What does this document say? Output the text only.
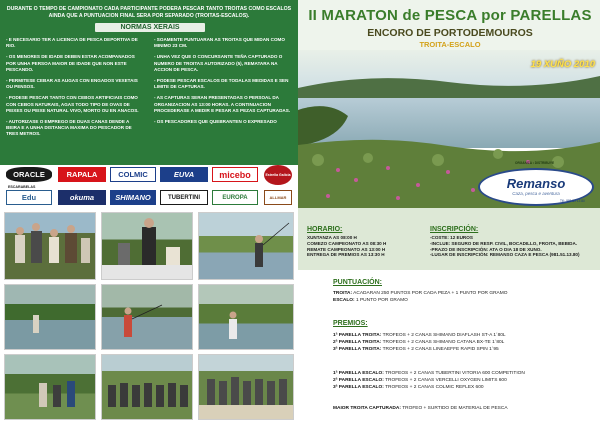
DURANTE O TEMPO DE CAMPIONATO CADA PARTICIPANTE PODERA PESCAR TANTO TROITAS COMO ESCALOS AINDA QUE A PUNTUACION FINAL SERA POR SEPARADO (TROITAS-ESCALOS).
NORMAS XERAIS

- E NECESARIO TER A LICENCIA DE PESCA DEPORTIVA DE RIO.

- OS MENORES DE IDADE DEBEN ESTAR ACOMPANADOS POR UNHA PERSOA MAIOR DE IDADE QUE NON ESTE PESCANDO.

- PERMITESE CEBAR AS AUGAS CON ENGADOS VEXETAIS OU PENSOS.

- PODESE PESCAR TANTO CON CEBOS ARTIFICIAIS COMO CON CEBOS NATURAIS, AGAS TODO TIPO DE OVAS DE PEIXES OU PEIXE NATURAL VIVO, MORTO OU EN ANACOS.

- AUTORIZASE O EMPREGO DE DUAS CANAS DENDE A BEIRA E A UNHA DISTANCIA MAXIMA DO PESCADOR DE TRES METROS.

- SOAMENTE PUNTUARAN AS TROITAS QUE MIDAN COMO MINIMO 23 CM.

- UNHA VEZ QUE O CONCURSANTE TEÑA CAPTURADO O NUMERO DE TROITAS AUTORIZADO (5), REMATARA NA ACCION DE PESCA.

- PODESE PESCAR ESCALOS DE TODALAS MEDIDAS E SEN LIMITE DE CAPTURAS.

- AS CAPTURAS SERAN PRESENTADAS O PERSOAL DA ORGANIZACION AS 13:00 HORAS. A CONTINUACION PROCEDERASE A MEDIR E PESAR AS PEZAS CAPTURADAS.

- OS PESCADORES QUE QUEBRANTEN O EXPRESADO

ORACLE	RAPALA	COLMIC	EUVA	micebo	Estrella Galicia
ESCARABELAS
Edu	okuma	SHIMANO	TUBERTINI	EUROPA	ALLMAR
II MARATON de PESCA por PARELLAS
ENCORO DE PORTODEMOUROS
TROITA-ESCALO
19 XUÑO 2010
ORGANIZA • DISTRIBUYE
Remanso
Caza, pesca e aventura
Tlf.: 981 51 13 80
HORARIO:
XUNTANZA AS 08:00 H
COMEZO CAMPEONATO AS 08:30 H
REMATE CAMPEONATO AS 13:00 H
ENTREGA DE PREMIOS AS 13:30 H
INSCRIPCIÓN:
-COSTE: 12 EUROS
-INCLUE: SEGURO DE RESP. CIVIL, BOCADILLO, FROITA, BEBIDA.
-PRAZO DE INSCRIPCIÓN: ATA O DIA 18 DE XUNO.
-LUGAR DE INSCRIPCIÓN: REMANSO CAZA E PESCA (981.51.13.80)
PUNTUACIÓN:
TROITA: ACADARAN 250 PUNTOS POR CADA PEZA + 1 PUNTO POR GRAMO
ESCALO: 1 PUNTO POR GRAMO
PREMIOS:
1ª PARELLA TROITA: TROFEOS + 2 CANAS SHIMANO DIAFLASH ST-A 1´80L
2ª PARELLA TROITA: TROFEOS + 2 CANAS SHIMANO CATANA BX-TE 1´80L
3ª PARELLA TROITA: TROFEOS + 2 CANAS LINEAEFFE RAPID SPIN 1´95
1ª PARELLA ESCALO: TROFEOS + 2 CANAS TUBERTINI VITORIA 600 COMPETITION
2ª PARELLA ESCALO: TROFEOS + 2 CANAS VERCELLI OXYGEN LIMITS 600
3ª PARELLA ESCALO: TROFEOS + 2 CANAS COLMIC REFLEX 600
MAIOR TROITA CAPTURADA: TROFEO + SURTIDO DE MATERIAL DE PESCA
